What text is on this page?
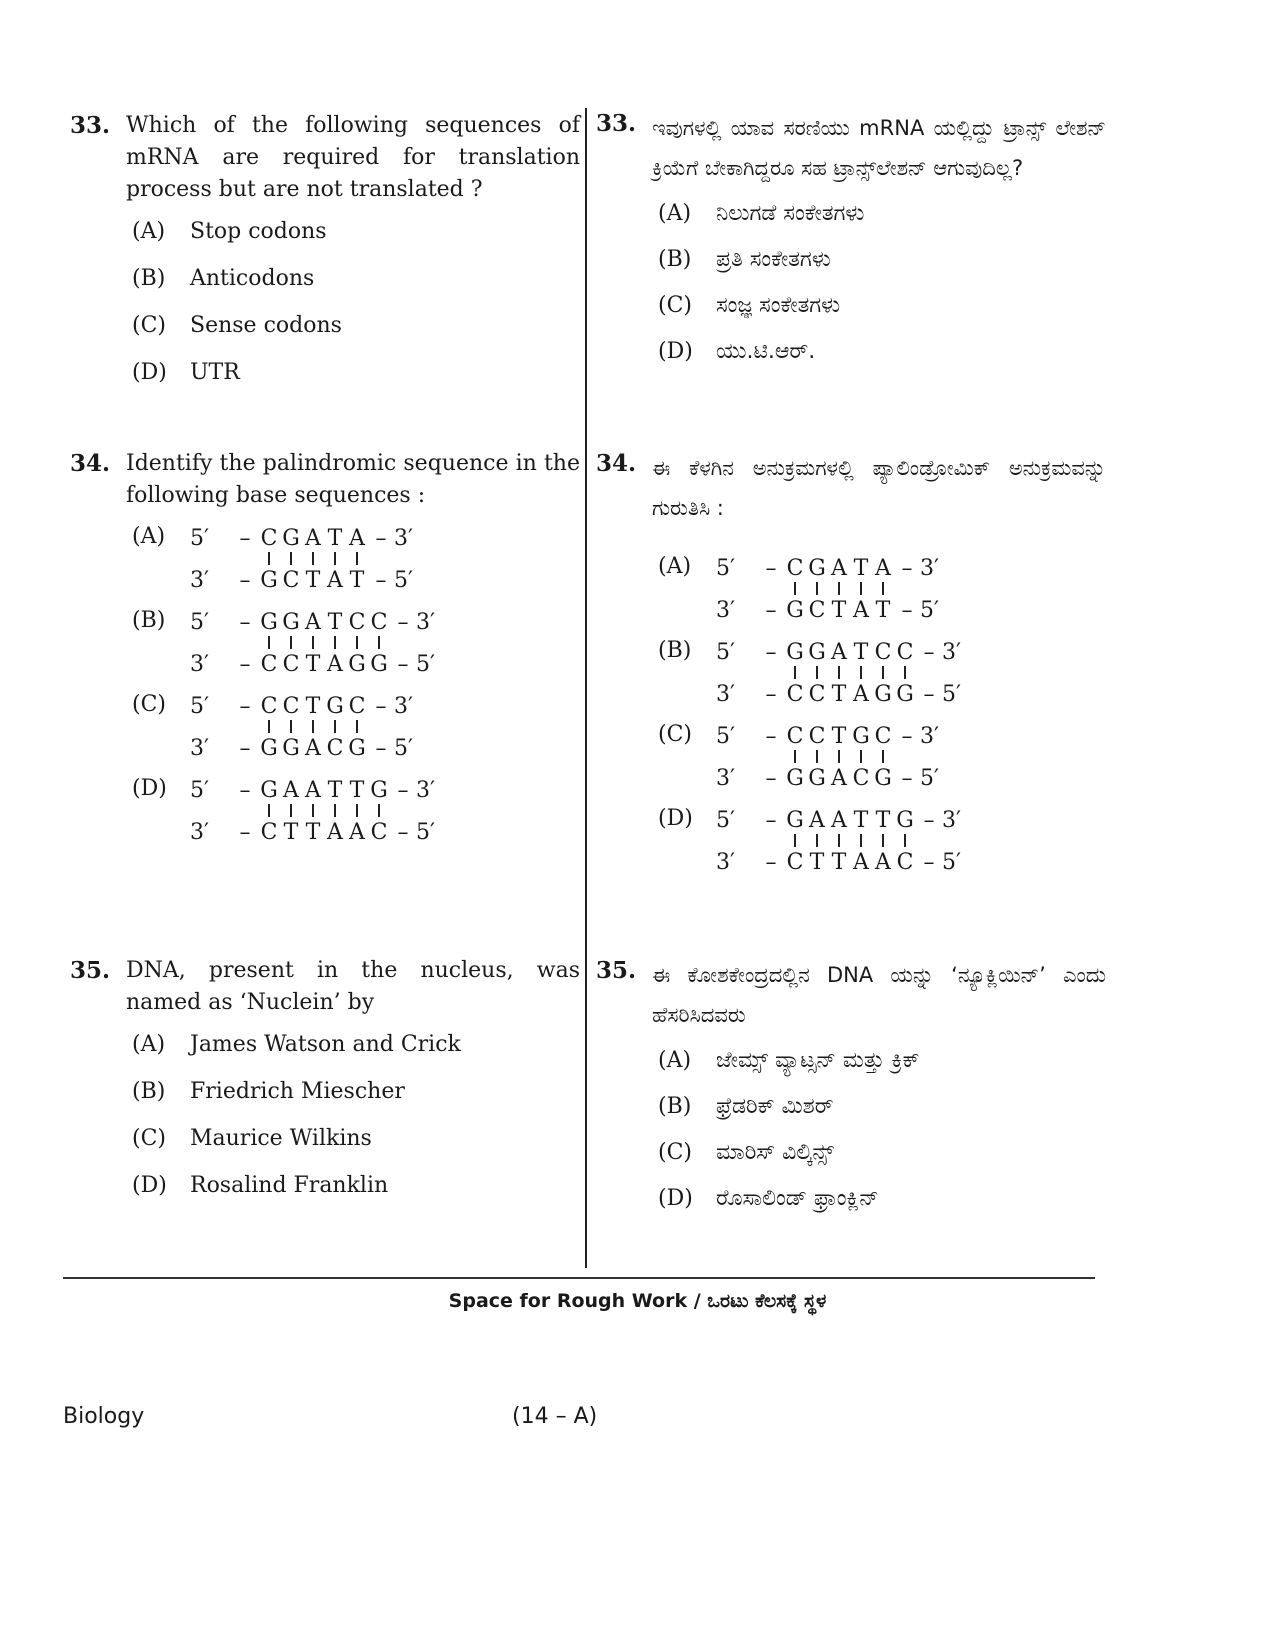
33. Which of the following sequences of mRNA are required for translation process but are not translated ?
(A)	Stop codons
(B)	Anticodons
(C)	Sense codons
(D)	UTR
34. Identify the palindromic sequence in the following base sequences :
(A)	5′	– C G A T A – 3′
3′	– G C T A T – 5′
(B)	5′	– G G A T C C – 3′
3′	– C C T A G G – 5′
(C)	5′	– C C T G C – 3′
3′	– G G A C G – 5′
(D)	5′	– G A A T T G – 3′
3′	– C T T A A C – 5′
35. DNA, present in the nucleus, was named as ‘Nuclein’ by
(A)	James Watson and Crick
(B)	Friedrich Miescher
(C)	Maurice Wilkins
(D)	Rosalind Franklin
33. ಇವುಗಳಲ್ಲಿ ಯಾವ ಸರಣಿಯು mRNA ಯಲ್ಲಿದ್ದು ಟ್ರಾನ್ಸ್ ಲೇಶನ್ ಕ್ರಿಯೆಗೆ ಬೇಕಾಗಿದ್ದರೂ ಸಹ ಟ್ರಾನ್ಸ್‌ಲೇಶನ್ ಆಗುವುದಿಲ್ಲ?
(A)	ನಿಲುಗಡೆ ಸಂಕೇತಗಳು
(B)	ಪ್ರತಿ ಸಂಕೇತಗಳು
(C)	ಸಂಜ್ಞ ಸಂಕೇತಗಳು
(D)	ಯು.ಟಿ.ಆರ್.
34. ಈ ಕೆಳಗಿನ ಅನುಕ್ರಮಗಳಲ್ಲಿ ಪ್ಯಾಲಿಂಡ್ರೋಮಿಕ್ ಅನುಕ್ರಮವನ್ನು ಗುರುತಿಸಿ :
(A)	5′	– C G A T A – 3′
3′	– G C T A T – 5′
(B)	5′	– G G A T C C – 3′
3′	– C C T A G G – 5′
(C)	5′	– C C T G C – 3′
3′	– G G A C G – 5′
(D)	5′	– G A A T T G – 3′
3′	– C T T A A C – 5′
35. ಈ ಕೋಶಕೇಂದ್ರದಲ್ಲಿನ DNA ಯನ್ನು ‘ನ್ಯೂಕ್ಲಿಯಿನ್’ ಎಂದು ಹೆಸರಿಸಿದವರು
(A)	ಜೇಮ್ಸ್ ವ್ಯಾಟ್ಸನ್ ಮತ್ತು ಕ್ರಿಕ್
(B)	ಫ್ರೆಡರಿಕ್ ಮಿಶರ್
(C)	ಮಾರಿಸ್ ವಿಲ್ಕಿನ್ಸ್
(D)	ರೊಸಾಲಿಂಡ್ ಫ್ರಾಂಕ್ಲಿನ್
Space for Rough Work / ಒರಟು ಕೆಲಸಕ್ಕೆ ಸ್ಥಳ
Biology	(14 – A)
